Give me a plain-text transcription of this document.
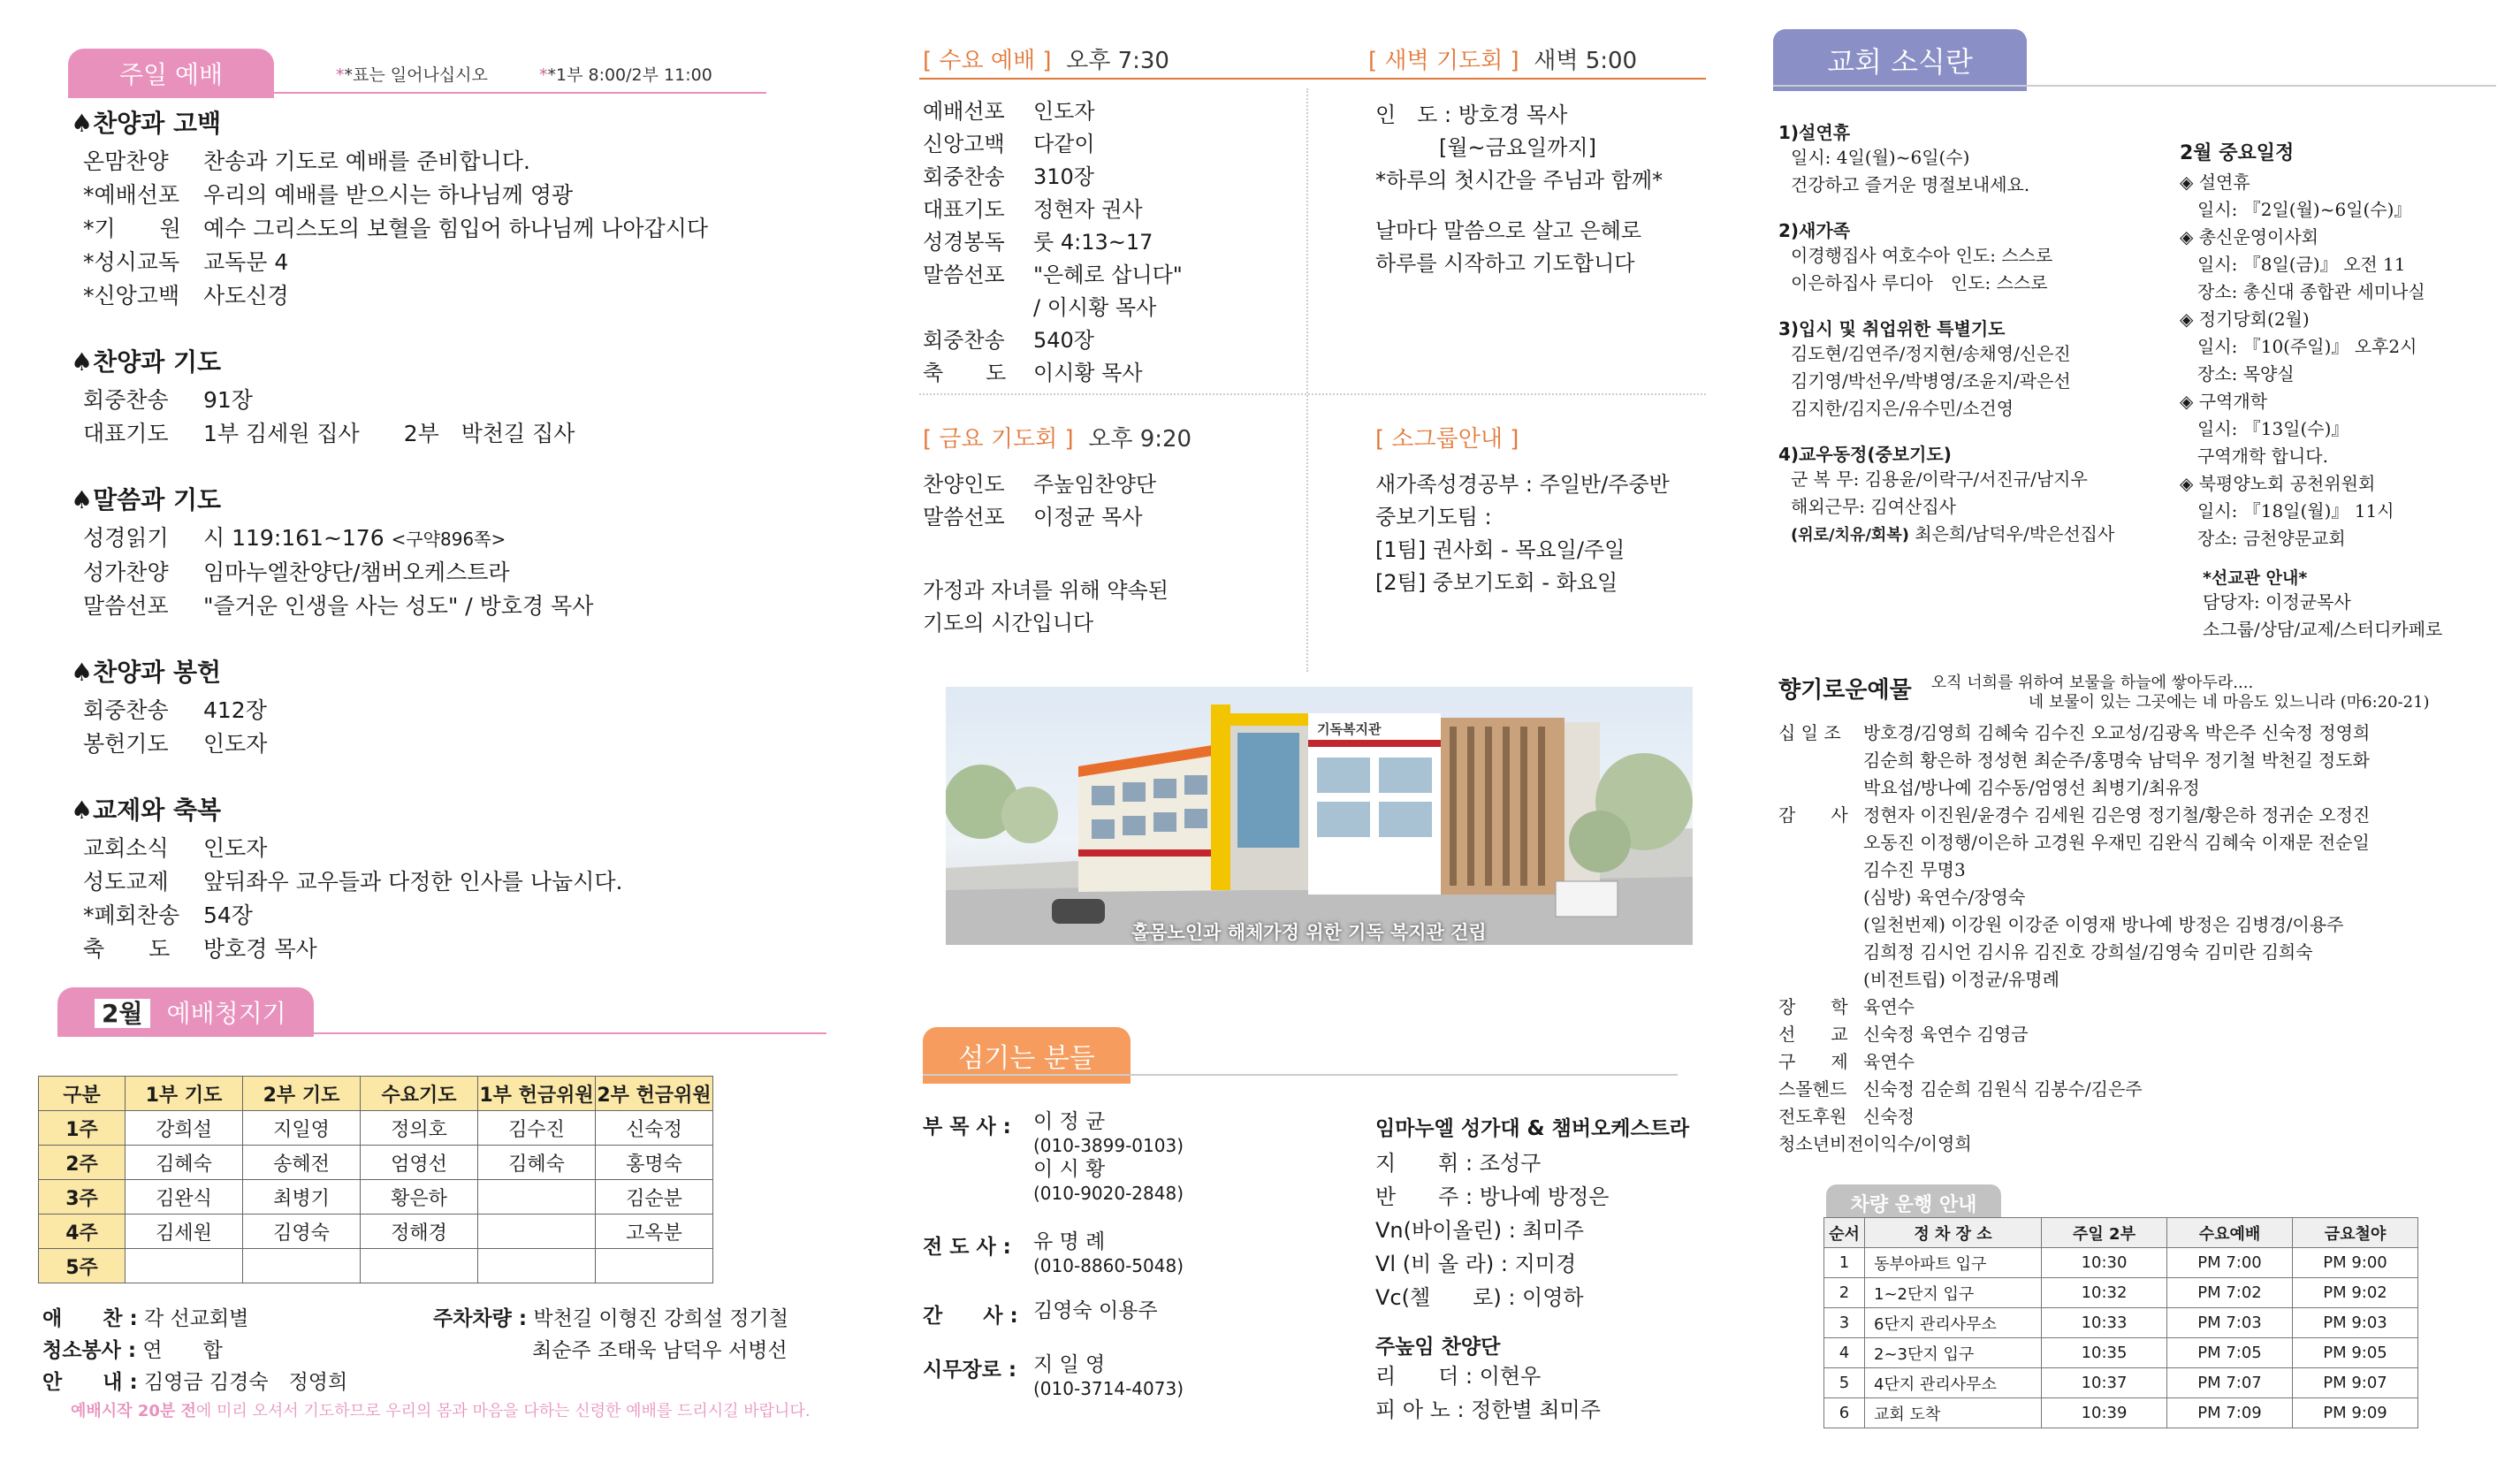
주일 예배	**표는 일어나십시오	**1부 8:00/2부 11:00
♠찬양과 고백
온맘찬양	찬송과 기도로 예배를 준비합니다.
*예배선포	우리의 예배를 받으시는 하나님께 영광
*기　　원	예수 그리스도의 보혈을 힘입어 하나님께 나아갑시다
*성시교독	교독문 4
*신앙고백	사도신경
♠찬양과 기도
회중찬송	91장
대표기도	1부 김세원 집사　　2부　박천길 집사
♠말씀과 기도
성경읽기	시 119:161~176 <구약896쪽>
성가찬양	임마누엘찬양단/챔버오케스트라
말씀선포	"즐거운 인생을 사는 성도" / 방호경 목사
♠찬양과 봉헌
회중찬송	412장
봉헌기도	인도자
♠교제와 축복
교회소식	인도자
성도교제	앞뒤좌우 교우들과 다정한 인사를 나눕시다.
*폐회찬송	54장
축　　도	방호경 목사
2월 예배청지기
구분	1부 기도	2부 기도	수요기도	1부 헌금위원	2부 헌금위원
1주	강희설	지일영	정의호	김수진	신숙정
2주	김혜숙	송혜전	엄영선	김혜숙	홍명숙
3주	김완식	최병기	황은하		김순분
4주	김세원	김영숙	정해경		고옥분
5주					
애　　찬 : 각 선교회별
청소봉사 : 연　　합
안　　내 : 김영금 김경숙　정영희
주차차량 : 박천길 이형진 강희설 정기철
최순주 조태욱 남덕우 서병선
예배시작 20분 전에 미리 오셔서 기도하므로 우리의 몸과 마음을 다하는 신령한 예배를 드리시길 바랍니다.
[ 수요 예배 ] 오후 7:30	[ 새벽 기도회 ] 새벽 5:00
예배선포	인도자
신앙고백	다같이
회중찬송	310장
대표기도	정현자 권사
성경봉독	룻 4:13~17
말씀선포	"은혜로 삽니다"
/ 이시황 목사
회중찬송	540장
축　　도	이시황 목사
인　도 : 방호경 목사
　　　[월~금요일까지]
*하루의 첫시간을 주님과 함께*
날마다 말씀으로 살고 은혜로
하루를 시작하고 기도합니다
[ 금요 기도회 ] 오후 9:20	[ 소그룹안내 ]
찬양인도	주높임찬양단
말씀선포	이정균 목사
가정과 자녀를 위해 약속된
기도의 시간입니다
새가족성경공부 : 주일반/주중반
중보기도팀 :
[1팀] 권사회 - 목요일/주일
[2팀] 중보기도회 - 화요일
기독복지관
홀몸노인과 해체가정 위한 기독 복지관 건립
섬기는 분들
부 목 사 :	이 정 균
(010-3899-0103)
이 시 황
(010-9020-2848)
전 도 사 :	유 명 례
(010-8860-5048)
간　　사 : 김영숙 이용주
시무장로 : 지 일 영
(010-3714-4073)
임마누엘 성가대 & 챔버오케스트라
지　　휘 : 조성구
반　　주 : 방나예 방정은
Vn(바이올린) : 최미주
Vl (비 올 라) : 지미경
Vc(첼　　로) : 이영하
주높임 찬양단
리　　더 : 이현우
피 아 노 : 정한별 최미주
교회 소식란
1)설연휴
일시: 4일(월)~6일(수)
건강하고 즐거운 명절보내세요.
2)새가족
이경행집사 여호수아 인도: 스스로
이은하집사 루디아　인도: 스스로
3)입시 및 취업위한 특별기도
김도현/김연주/정지현/송채영/신은진
김기영/박선우/박병영/조윤지/곽은선
김지한/김지은/유수민/소건영
4)교우동정(중보기도)
군 복 무: 김용윤/이락구/서진규/남지우
해외근무: 김여산집사
(위로/치유/회복) 최은희/남덕우/박은선집사
2월 중요일정
◈ 설연휴
　일시: 『2일(월)~6일(수)』
◈ 총신운영이사회
　일시: 『8일(금)』 오전 11
　장소: 총신대 종합관 세미나실
◈ 정기당회(2월)
　일시: 『10(주일)』 오후2시
　장소: 목양실
◈ 구역개학
　일시: 『13일(수)』
　구역개학 합니다.
◈ 북평양노회 공천위원회
　일시: 『18일(월)』 11시
　장소: 금천양문교회
*선교관 안내*
담당자: 이정균목사
소그룹/상담/교제/스터디카페로
향기로운예물 오직 너희를 위하여 보물을 하늘에 쌓아두라....
네 보물이 있는 그곳에는 네 마음도 있느니라 (마6:20-21)
십 일 조	방호경/김영희 김혜숙 김수진 오교성/김광옥 박은주 신숙정 정영희
김순희 황은하 정성현 최순주/홍명숙 남덕우 정기철 박천길 정도화
박요섭/방나예 김수동/엄영선 최병기/최유정
감　　사 정현자 이진원/윤경수 김세원 김은영 정기철/황은하 정귀순 오정진
오동진 이정행/이은하 고경원 우재민 김완식 김혜숙 이재문 전순일
김수진 무명3
(심방) 육연수/장영숙
(일천번제) 이강원 이강준 이영재 방나예 방정은 김병경/이용주
김희정 김시언 김시유 김진호 강희설/김영숙 김미란 김희숙
(비전트립) 이정균/유명례
장　　학 육연수
선　　교 신숙정 육연수 김영금
구　　제 육연수
스몰헨드 신숙정 김순희 김원식 김봉수/김은주
전도후원 신숙정
청소년비전 이익수/이영희
차량 운행 안내
순서	정 차 장 소	주일 2부	수요예배	금요철야
1	동부아파트 입구	10:30	PM 7:00	PM 9:00
2	1~2단지 입구	10:32	PM 7:02	PM 9:02
3	6단지 관리사무소	10:33	PM 7:03	PM 9:03
4	2~3단지 입구	10:35	PM 7:05	PM 9:05
5	4단지 관리사무소	10:37	PM 7:07	PM 9:07
6	교회 도착	10:39	PM 7:09	PM 9:09
